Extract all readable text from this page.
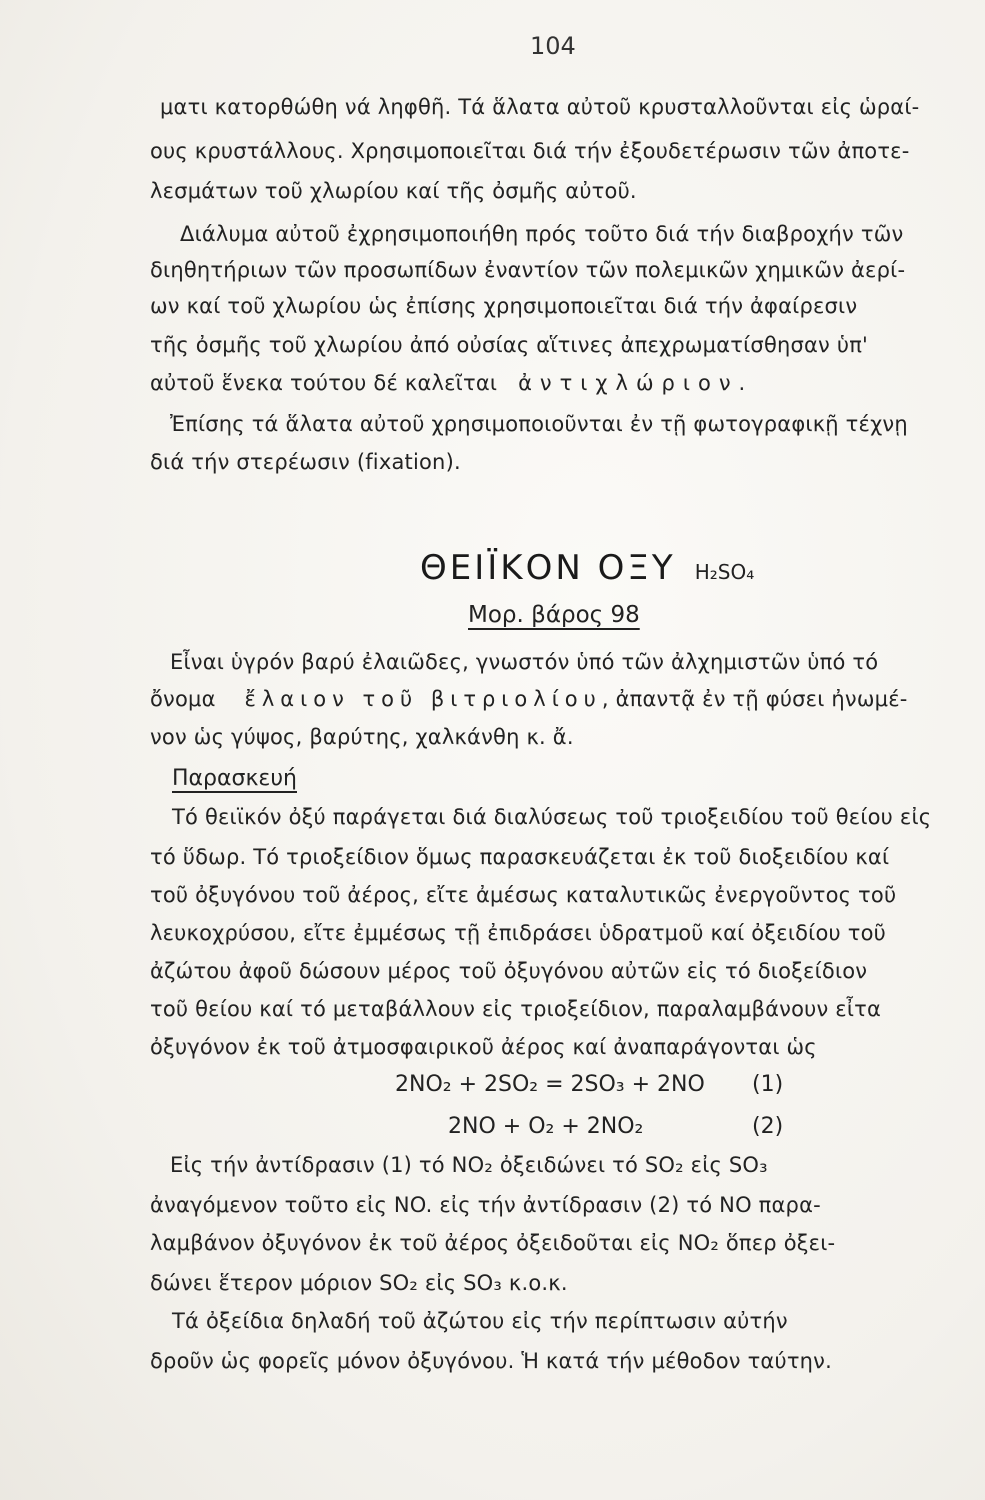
104
ματι κατορθώθη νά ληφθῆ. Τά ἅλατα αὐτοῦ κρυσταλλοῦνται εἰς ὡραί-
ους κρυστάλλους. Χρησιμοποιεῖται διά τήν ἐξουδετέρωσιν τῶν ἀποτε-
λεσμάτων τοῦ χλωρίου καί τῆς ὀσμῆς αὐτοῦ.
Διάλυμα αὐτοῦ ἐχρησιμοποιήθη πρός τοῦτο διά τήν διαβροχήν τῶν
διηθητήριων τῶν προσωπίδων ἐναντίον τῶν πολεμικῶν χημικῶν ἀερί-
ων καί τοῦ χλωρίου ὡς ἐπίσης χρησιμοποιεῖται διά τήν ἀφαίρεσιν
τῆς ὀσμῆς τοῦ χλωρίου ἀπό οὐσίας αἵτινες ἀπεχρωματίσθησαν ὑπ'
αὐτοῦ ἕνεκα τούτου δέ καλεῖται ἀντιχλώριον.
Ἐπίσης τά ἅλατα αὐτοῦ χρησιμοποιοῦνται ἐν τῇ φωτογραφικῇ τέχνῃ
διά τήν στερέωσιν (fixation).
ΘΕΙΪΚΟΝ ΟΞΥ H₂SO₄
Μορ. βάρος 98
Εἶναι ὑγρόν βαρύ ἐλαιῶδες, γνωστόν ὑπό τῶν ἀλχημιστῶν ὑπό τό
ὄνομα ἔλαιον τοῦ βιτριολίου, ἀπαντᾷ ἐν τῇ φύσει ἠνωμέ-
νον ὡς γύψος, βαρύτης, χαλκάνθη κ. ἄ.
Παρασκευή
Τό θειϊκόν ὀξύ παράγεται διά διαλύσεως τοῦ τριοξειδίου τοῦ θείου εἰς
τό ὕδωρ. Τό τριοξείδιον ὅμως παρασκευάζεται ἐκ τοῦ διοξειδίου καί
τοῦ ὀξυγόνου τοῦ ἀέρος, εἴτε ἀμέσως καταλυτικῶς ἐνεργοῦντος τοῦ
λευκοχρύσου, εἴτε ἐμμέσως τῇ ἐπιδράσει ὑδρατμοῦ καί ὀξειδίου τοῦ
ἀζώτου ἀφοῦ δώσουν μέρος τοῦ ὀξυγόνου αὐτῶν εἰς τό διοξείδιον
τοῦ θείου καί τό μεταβάλλουν εἰς τριοξείδιον, παραλαμβάνουν εἶτα
ὀξυγόνον ἐκ τοῦ ἀτμοσφαιρικοῦ ἀέρος καί ἀναπαράγονται ὡς
2NO₂ + 2SO₂ = 2SO₃ + 2NO (1)
2NO + O₂ + 2NO₂	(2)
Εἰς τήν ἀντίδρασιν (1) τό NO₂ ὀξειδώνει τό SO₂ εἰς SO₃
ἀναγόμενον τοῦτο εἰς NO. εἰς τήν ἀντίδρασιν (2) τό NO παρα-
λαμβάνον ὀξυγόνον ἐκ τοῦ ἀέρος ὀξειδοῦται εἰς NO₂ ὅπερ ὀξει-
δώνει ἕτερον μόριον SO₂ εἰς SO₃ κ.ο.κ.
Τά ὀξείδια δηλαδή τοῦ ἀζώτου εἰς τήν περίπτωσιν αὐτήν
δροῦν ὡς φορεῖς μόνον ὀξυγόνου. Ἡ κατά τήν μέθοδον ταύτην.
